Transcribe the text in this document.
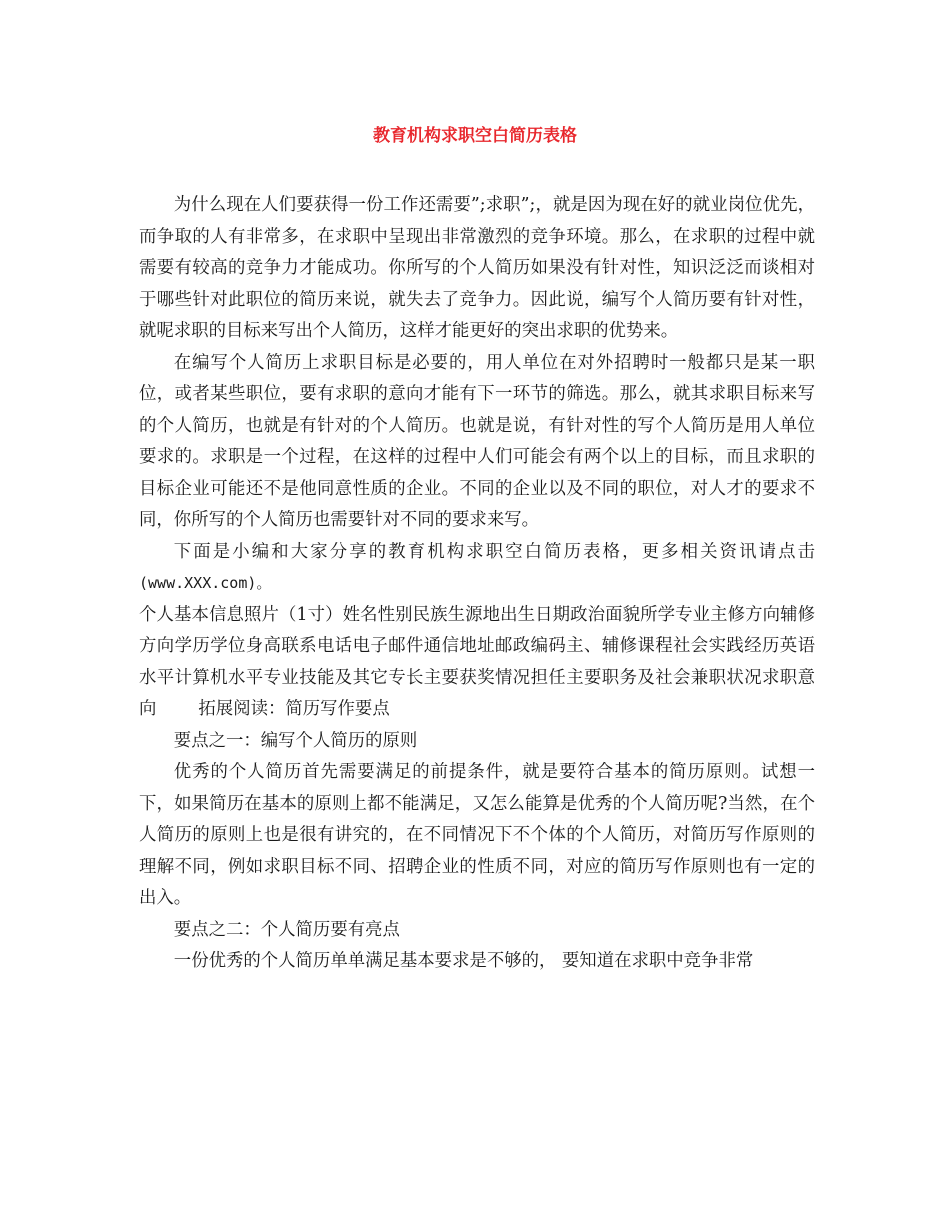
教育机构求职空白简历表格

为什么现在人们要获得一份工作还需要”;求职”;，就是因为现在好的就业岗位优先，而争取的人有非常多，在求职中呈现出非常激烈的竞争环境。那么，在求职的过程中就需要有较高的竞争力才能成功。你所写的个人简历如果没有针对性，知识泛泛而谈相对于哪些针对此职位的简历来说，就失去了竞争力。因此说，编写个人简历要有针对性，就呢求职的目标来写出个人简历，这样才能更好的突出求职的优势来。

在编写个人简历上求职目标是必要的，用人单位在对外招聘时一般都只是某一职位，或者某些职位，要有求职的意向才能有下一环节的筛选。那么，就其求职目标来写的个人简历，也就是有针对的个人简历。也就是说，有针对性的写个人简历是用人单位要求的。求职是一个过程，在这样的过程中人们可能会有两个以上的目标，而且求职的目标企业可能还不是他同意性质的企业。不同的企业以及不同的职位，对人才的要求不同，你所写的个人简历也需要针对不同的要求来写。

下面是小编和大家分享的教育机构求职空白简历表格，更多相关资讯请点击(www.XXX.com)。

个人基本信息照片（1寸）姓名性别民族生源地出生日期政治面貌所学专业主修方向辅修方向学历学位身高联系电话电子邮件通信地址邮政编码主、辅修课程社会实践经历英语水平计算机水平专业技能及其它专长主要获奖情况担任主要职务及社会兼职状况求职意向 拓展阅读：简历写作要点

要点之一：编写个人简历的原则

优秀的个人简历首先需要满足的前提条件，就是要符合基本的简历原则。试想一下，如果简历在基本的原则上都不能满足，又怎么能算是优秀的个人简历呢?当然，在个人简历的原则上也是很有讲究的，在不同情况下不个体的个人简历，对简历写作原则的理解不同，例如求职目标不同、招聘企业的性质不同，对应的简历写作原则也有一定的出入。

要点之二：个人简历要有亮点

一份优秀的个人简历单单满足基本要求是不够的， 要知道在求职中竞争非常
